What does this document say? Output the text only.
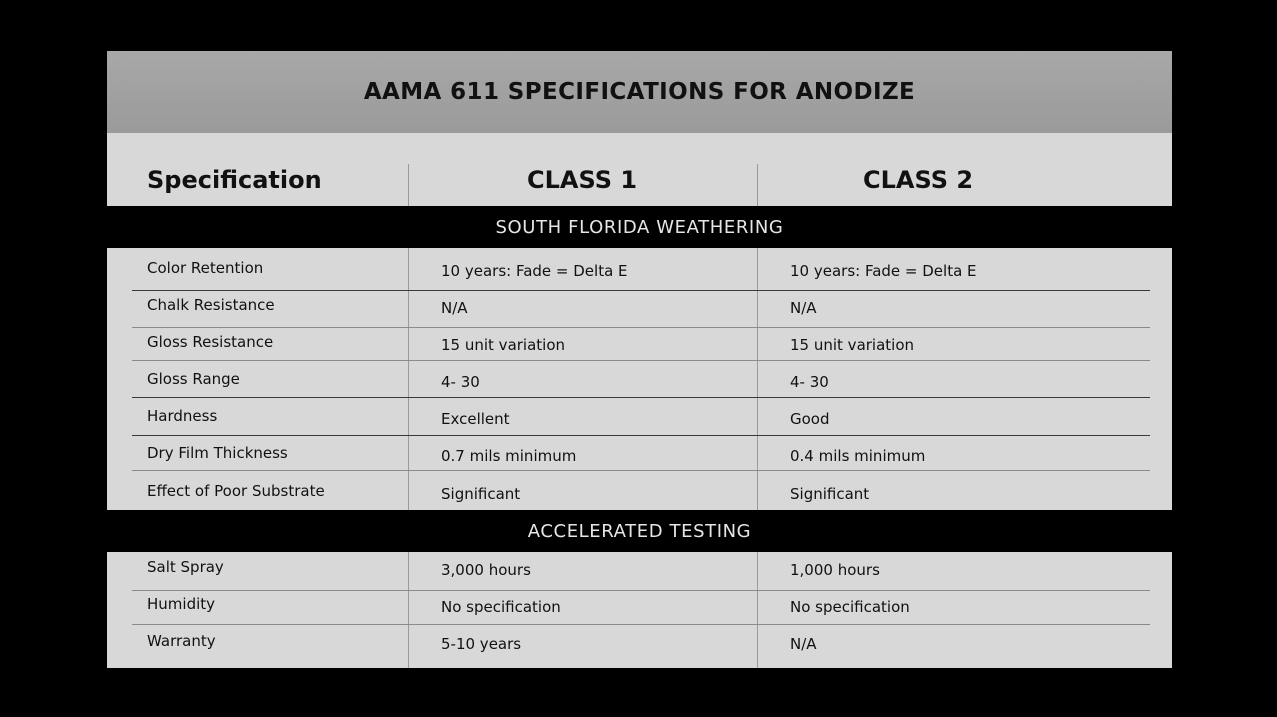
AAMA 611 SPECIFICATIONS FOR ANODIZE
Specification	CLASS 1	CLASS 2
SOUTH FLORIDA WEATHERING
Color Retention	10 years: Fade = Delta E	10 years: Fade = Delta E
Chalk Resistance	N/A	N/A
Gloss Resistance	15 unit variation	15 unit variation
Gloss Range	4- 30	4- 30
Hardness	Excellent	Good
Dry Film Thickness	0.7 mils minimum	0.4 mils minimum
Effect of Poor Substrate	Significant	Significant
ACCELERATED TESTING
Salt Spray	3,000 hours	1,000 hours
Humidity	No specification	No specification
Warranty	5-10 years	N/A
